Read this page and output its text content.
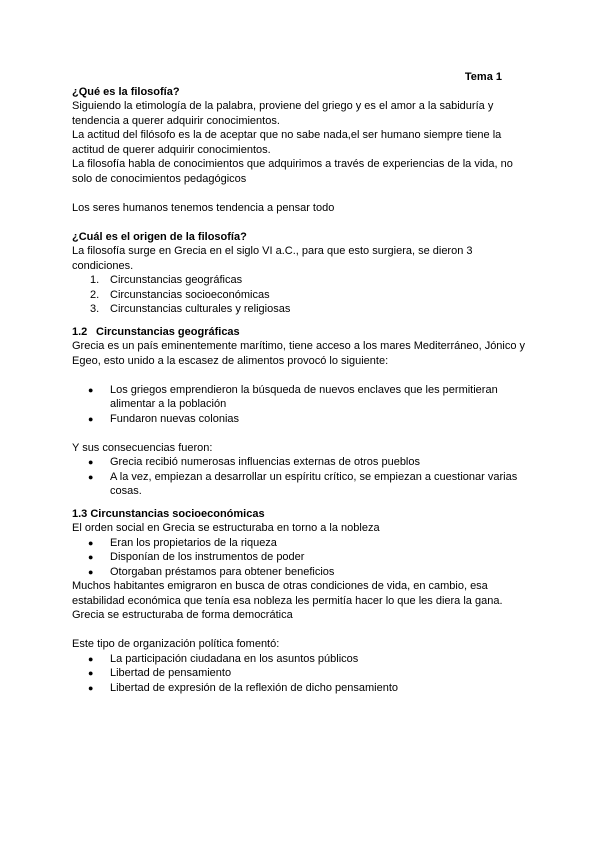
Tema 1

¿Qué es la filosofía?

Siguiendo la etimología de la palabra, proviene del griego y es el amor a la sabiduría y tendencia a querer adquirir conocimientos.

La actitud del filósofo es la de aceptar que no sabe nada,el ser humano siempre tiene la actitud de querer adquirir conocimientos.

La filosofía habla de conocimientos que adquirimos a través de experiencias de la vida, no solo de conocimientos pedagógicos

Los seres humanos tenemos tendencia a pensar todo

¿Cuál es el origen de la filosofía?

La filosofía surge en Grecia en el siglo VI a.C., para que esto surgiera, se dieron 3 condiciones.

1. Circunstancias geográficas
2. Circunstancias socioeconómicas
3. Circunstancias culturales y religiosas
1.2 Circunstancias geográficas

Grecia es un país eminentemente marítimo, tiene acceso a los mares Mediterráneo, Jónico y Egeo, esto unido a la escasez de alimentos provocó lo siguiente:

● Los griegos emprendieron la búsqueda de nuevos enclaves que les permitieran alimentar a la población
● Fundaron nuevas colonias

Y sus consecuencias fueron:

● Grecia recibió numerosas influencias externas de otros pueblos
● A la vez, empiezan a desarrollar un espíritu crítico, se empiezan a cuestionar varias cosas.
1.3 Circunstancias socioeconómicas

El orden social en Grecia se estructuraba en torno a la nobleza

● Eran los propietarios de la riqueza
● Disponían de los instrumentos de poder
● Otorgaban préstamos para obtener beneficios

Muchos habitantes emigraron en busca de otras condiciones de vida, en cambio, esa estabilidad económica que tenía esa nobleza les permitía hacer lo que les diera la gana. Grecia se estructuraba de forma democrática

Este tipo de organización política fomentó:

● La participación ciudadana en los asuntos públicos
● Libertad de pensamiento
● Libertad de expresión de la reflexión de dicho pensamiento
